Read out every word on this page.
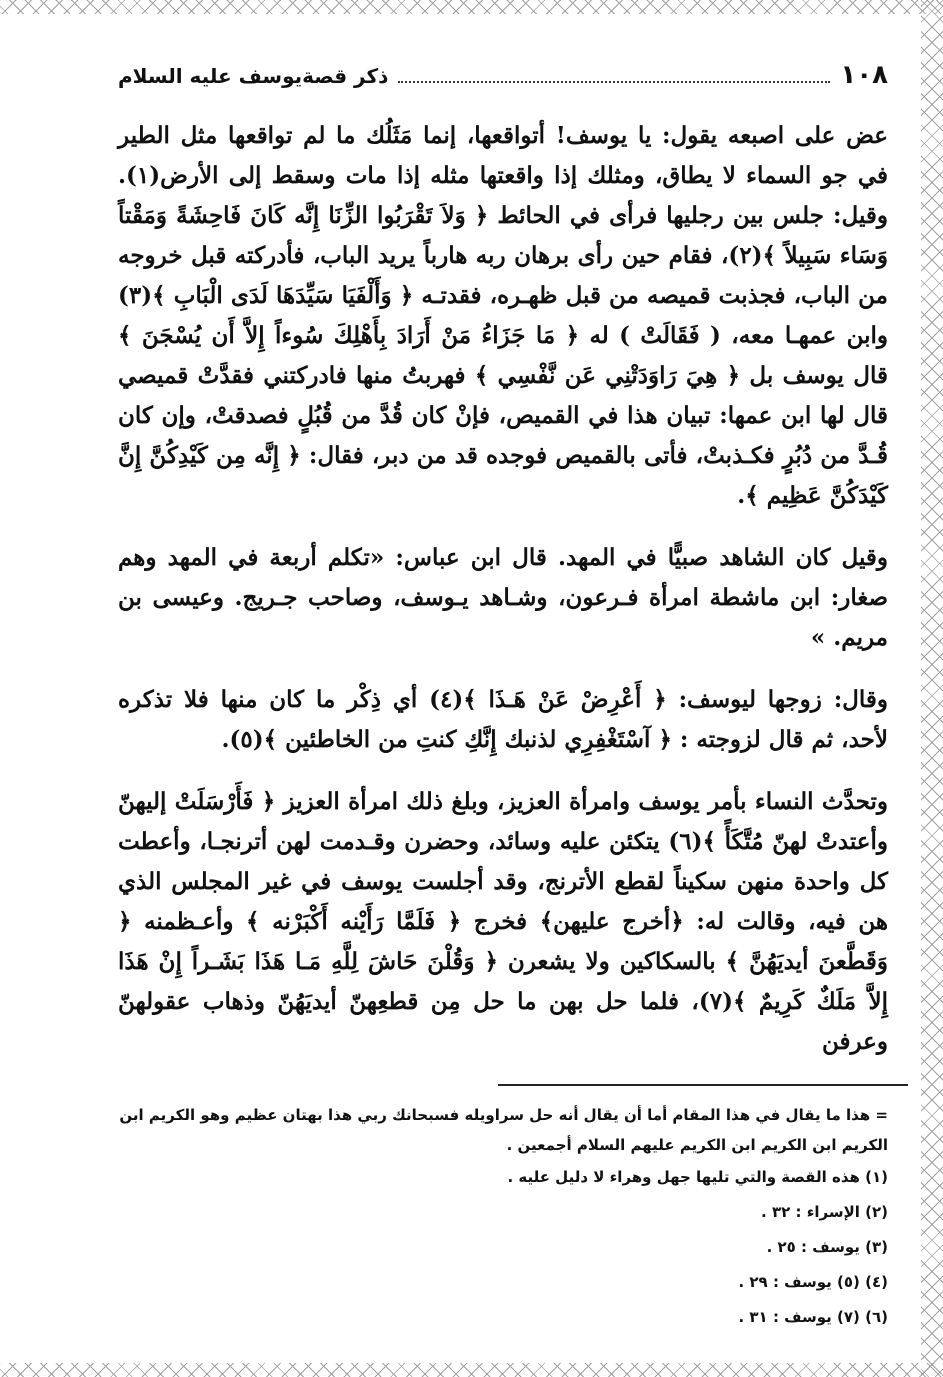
١٠٨
ذكر قصةيوسف عليه السلام

عض على اصبعه يقول: يا يوسف! أتواقعها، إنما مَثَلُك ما لم تواقعها مثل الطير في جو السماء لا يطاق، ومثلك إذا واقعتها مثله إذا مات وسقط إلى الأرض(١). وقيل: جلس بين رجليها فرأى في الحائط ﴿ وَلاَ تَقْرَبُوا الزِّنَا إِنَّه كَانَ فَاحِشَةً وَمَقْتاً وَسَاء سَبِيلاً ﴾(٢)، فقام حين رأى برهان ربه هارباً يريد الباب، فأدركته قبل خروجه من الباب، فجذبت قميصه من قبل ظهـره، فقدتـه ﴿ وَأَلْفَيَا سَيِّدَهَا لَدَى الْبَابِ ﴾(٣) وابن عمهـا معه، ( فَقَالَتْ ) له ﴿ مَا جَزَاءُ مَنْ أَرَادَ بِأَهْلِكَ سُوءاً إِلاَّ أَن يُسْجَنَ ﴾ قال يوسف بل ﴿ هِيَ رَاوَدَتْنِي عَن نَّفْسِي ﴾ فهربتُ منها فادركتني فقدَّتْ قميصي قال لها ابن عمها: تبيان هذا في القميص، فإنْ كان قُدَّ من قُبُلٍ فصدقتْ، وإن كان قُـدَّ من دُبُرٍ فكـذبتْ، فأتى بالقميص فوجده قد من دبر، فقال: ﴿ إِنَّه مِن كَيْدِكُنَّ إِنَّ كَيْدَكُنَّ عَظِيم ﴾.

وقيل كان الشاهد صبيًّا في المهد. قال ابن عباس: «تكلم أربعة في المهد وهم صغار: ابن ماشطة امرأة فـرعون، وشـاهد يـوسف، وصاحب جـريج. وعيسى بن مريم. »

وقال: زوجها ليوسف: ﴿ أَعْرِضْ عَنْ هَـذَا ﴾(٤) أي ذِكْر ما كان منها فلا تذكره لأحد، ثم قال لزوجته : ﴿ آسْتَغْفِرِي لذنبك إِنَّكِ كنتِ من الخاطئين ﴾(٥).

وتحدَّث النساء بأمر يوسف وامرأة العزيز، وبلغ ذلك امرأة العزيز ﴿ فَأَرْسَلَتْ إليهنّ وأعتدتْ لهنّ مُتَّكَأً ﴾(٦) يتكئن عليه وسائد، وحضرن وقـدمت لهن أترنجـا، وأعطت كل واحدة منهن سكيناً لقطع الأترنج، وقد أجلست يوسف في غير المجلس الذي هن فيه، وقالت له: ﴿أخرج عليهن﴾ فخرج ﴿ فَلَمَّا رَأَيْنه أَكْبَرْنه ﴾ وأعـظمنه ﴿ وَقَطَّعنَ أيديَهُنَّ ﴾ بالسكاكين ولا يشعرن ﴿ وَقُلْنَ حَاشَ لِلَّهِ مَـا هَذَا بَشَـراً إِنْ هَذَا إِلاَّ مَلَكٌ كَرِيمٌ ﴾(٧)، فلما حل بهن ما حل مِن قطعِهنّ أيديَهُنّ وذهاب عقولهنّ وعرفن

= هذا ما يقال في هذا المقام أما أن يقال أنه حل سراويله فسبحانك ربي هذا بهتان عظيم وهو الكريم ابن

الكريم ابن الكريم ابن الكريم عليهم السلام أجمعين .

(١) هذه القصة والتي تليها جهل وهراء لا دليل عليه .

(٢) الإسراء : ٣٢ .

(٣) يوسف : ٢٥ .

(٤) (٥) يوسف : ٢٩ .

(٦) (٧) يوسف : ٣١ .
